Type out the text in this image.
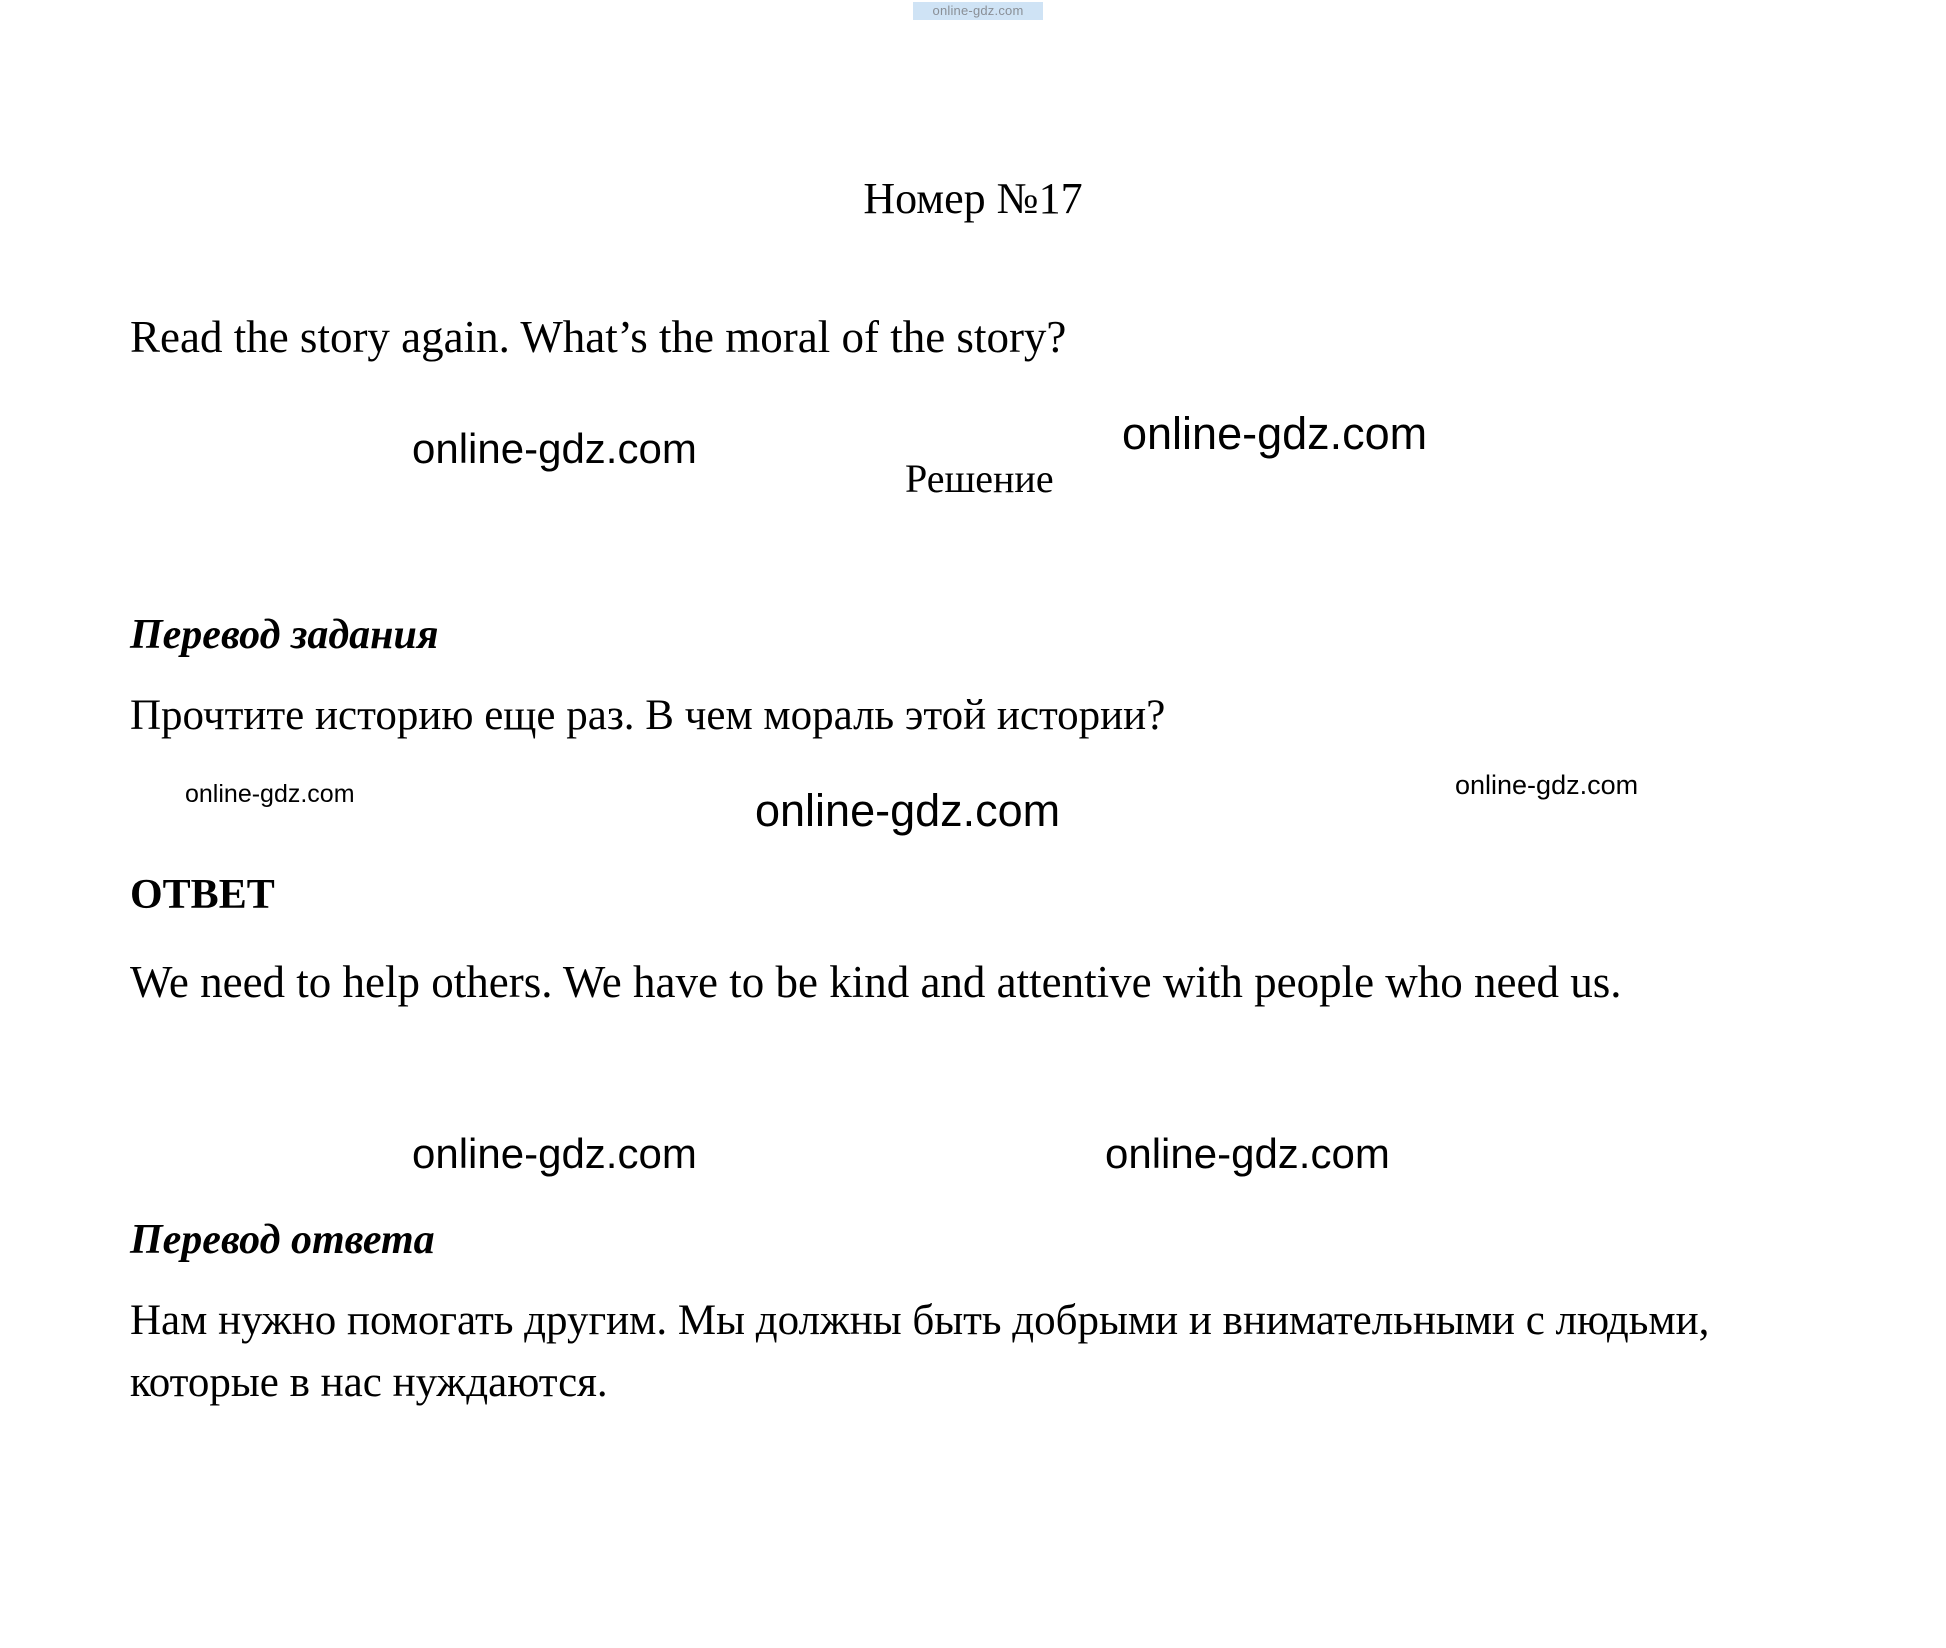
online-gdz.com
Номер №17
Read the story again. What’s the moral of the story?
online-gdz.com	online-gdz.com
Решение
Перевод задания
Прочтите историю еще раз. В чем мораль этой истории?
online-gdz.com	online-gdz.com	online-gdz.com
ОТВЕТ
We need to help others. We have to be kind and attentive with people who need us.
online-gdz.com	online-gdz.com
Перевод ответа
Нам нужно помогать другим. Мы должны быть добрыми и внимательными с людьми, которые в нас нуждаются.
